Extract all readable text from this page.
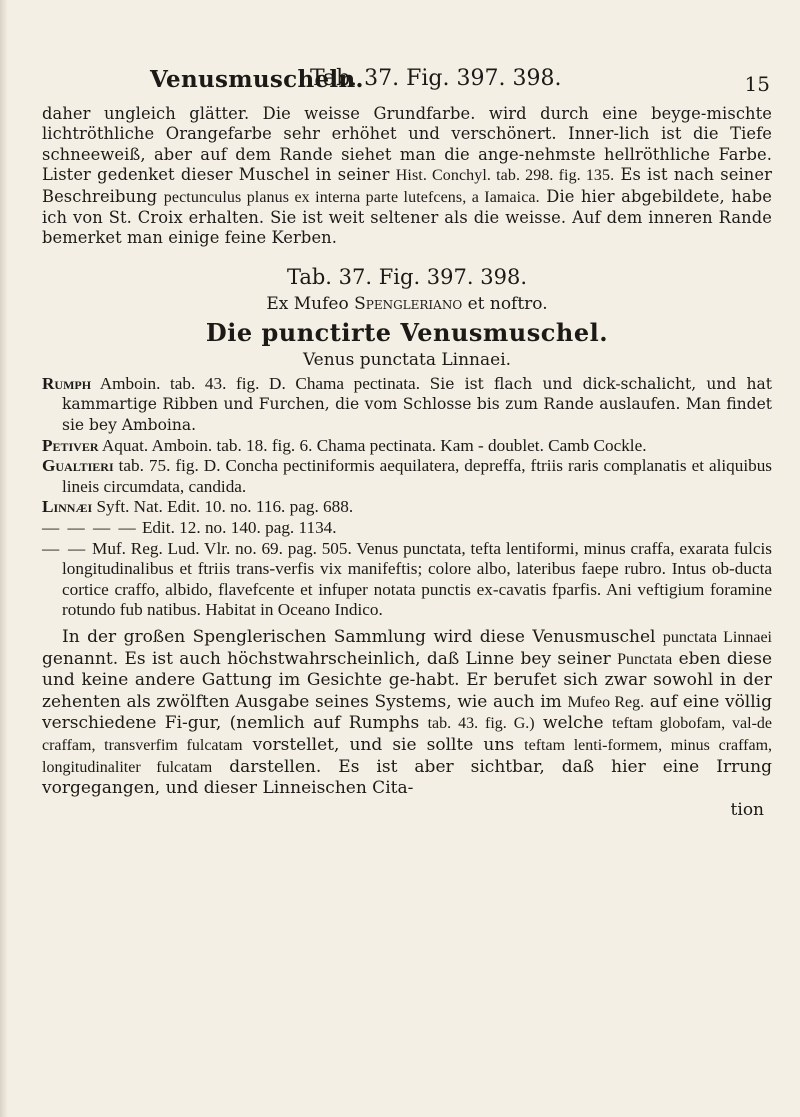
Venusmuscheln.
Tab. 37. Fig. 397. 398.	15

daher ungleich glätter. Die weisse Grundfarbe. wird durch eine beyge-mischte lichtröthliche Orangefarbe sehr erhöhet und verschönert. Inner-lich ist die Tiefe schneeweiß, aber auf dem Rande siehet man die ange-nehmste hellröthliche Farbe. Lister gedenket dieser Muschel in seiner Hist. Conchyl. tab. 298. fig. 135. Es ist nach seiner Beschreibung pectunculus planus ex interna parte lutefcens, a Iamaica. Die hier abgebildete, habe ich von St. Croix erhalten. Sie ist weit seltener als die weisse. Auf dem inneren Rande bemerket man einige feine Kerben.

Tab. 37. Fig. 397. 398.
Ex Mufeo Spengleriano et noftro.
Die punctirte Venusmuschel.
Venus punctata Linnaei.

Rumph Amboin. tab. 43. fig. D. Chama pectinata. Sie ist flach und dick-schalicht, und hat kammartige Ribben und Furchen, die vom Schlosse bis zum Rande auslaufen. Man findet sie bey Amboina.

Petiver Aquat. Amboin. tab. 18. fig. 6. Chama pectinata. Kam - doublet. Camb Cockle.

Gualtieri tab. 75. fig. D. Concha pectiniformis aequilatera, depreffa, ftriis raris complanatis et aliquibus lineis circumdata, candida.

Linnæi Syft. Nat. Edit. 10. no. 116. pag. 688.

— — — — Edit. 12. no. 140. pag. 1134.

— — Muf. Reg. Lud. Vlr. no. 69. pag. 505. Venus punctata, tefta lentiformi, minus craffa, exarata fulcis longitudinalibus et ftriis trans-verfis vix manifeftis; colore albo, lateribus faepe rubro. Intus ob-ducta cortice craffo, albido, flavefcente et infuper notata punctis ex-cavatis fparfis. Ani veftigium foramine rotundo fub natibus. Habitat in Oceano Indico.

In der großen Spenglerischen Sammlung wird diese Venusmuschel punctata Linnaei genannt. Es ist auch höchstwahrscheinlich, daß Linne bey seiner Punctata eben diese und keine andere Gattung im Gesichte ge-habt. Er berufet sich zwar sowohl in der zehenten als zwölften Ausgabe seines Systems, wie auch im Mufeo Reg. auf eine völlig verschiedene Fi-gur, (nemlich auf Rumphs tab. 43. fig. G.) welche teftam globofam, val-de craffam, transverfim fulcatam vorstellet, und sie sollte uns teftam lenti-formem, minus craffam, longitudinaliter fulcatam darstellen. Es ist aber sichtbar, daß hier eine Irrung vorgegangen, und dieser Linneischen Cita-

tion
